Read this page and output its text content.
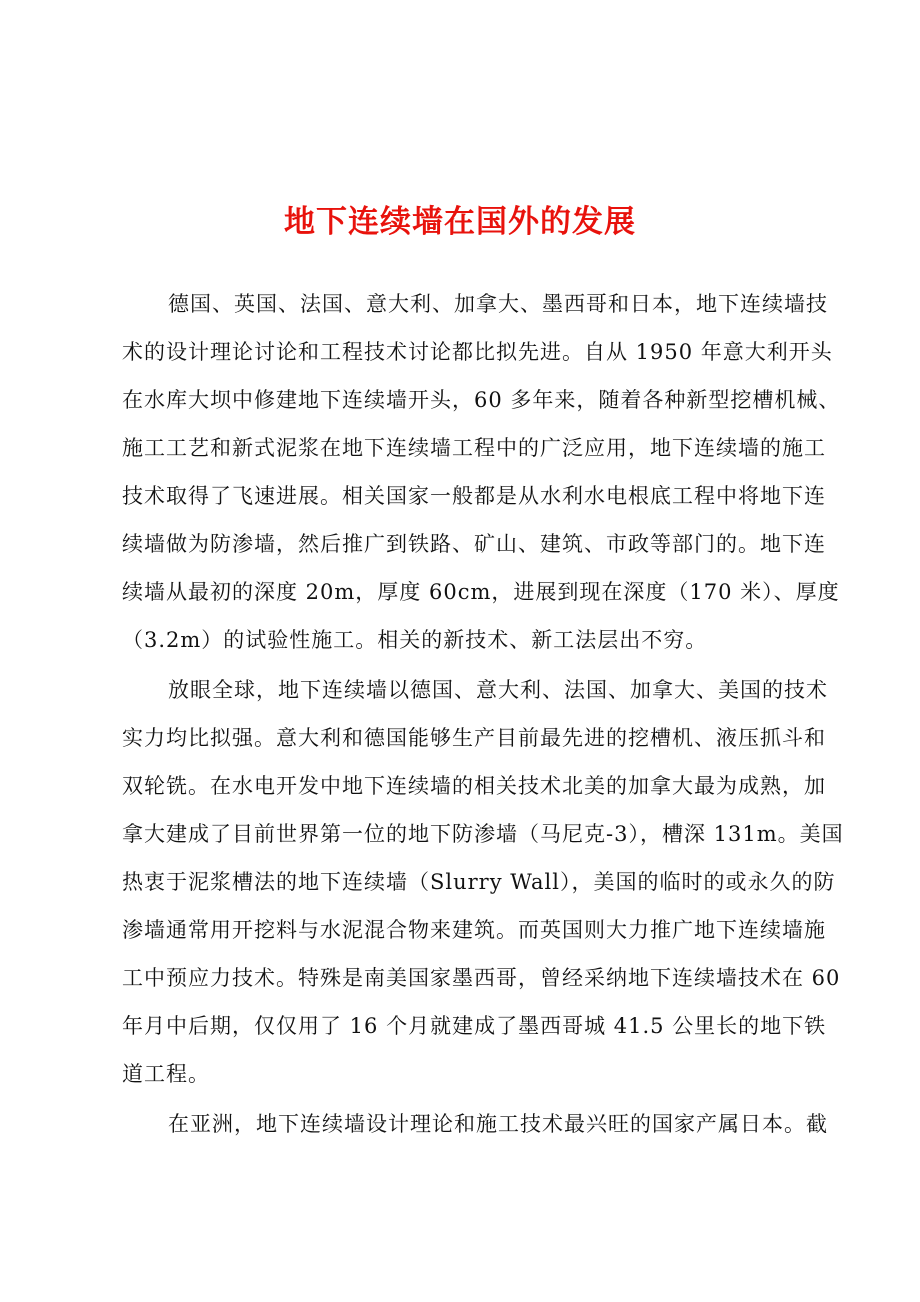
地下连续墙在国外的发展
德国、英国、法国、意大利、加拿大、墨西哥和日本，地下连续墙技
术的设计理论讨论和工程技术讨论都比拟先进。自从 1950 年意大利开头
在水库大坝中修建地下连续墙开头，60 多年来，随着各种新型挖槽机械、
施工工艺和新式泥浆在地下连续墙工程中的广泛应用，地下连续墙的施工
技术取得了飞速进展。相关国家一般都是从水利水电根底工程中将地下连
续墙做为防渗墙，然后推广到铁路、矿山、建筑、市政等部门的。地下连
续墙从最初的深度 20m，厚度 60cm，进展到现在深度（170 米）、厚度
（3.2m）的试验性施工。相关的新技术、新工法层出不穷。
放眼全球，地下连续墙以德国、意大利、法国、加拿大、美国的技术
实力均比拟强。意大利和德国能够生产目前最先进的挖槽机、液压抓斗和
双轮铣。在水电开发中地下连续墙的相关技术北美的加拿大最为成熟，加
拿大建成了目前世界第一位的地下防渗墙（马尼克-3），槽深 131m。美国
热衷于泥浆槽法的地下连续墙（Slurry Wall），美国的临时的或永久的防
渗墙通常用开挖料与水泥混合物来建筑。而英国则大力推广地下连续墙施
工中预应力技术。特殊是南美国家墨西哥，曾经采纳地下连续墙技术在 60
年月中后期，仅仅用了 16 个月就建成了墨西哥城 41.5 公里长的地下铁
道工程。
在亚洲，地下连续墙设计理论和施工技术最兴旺的国家产属日本。截
